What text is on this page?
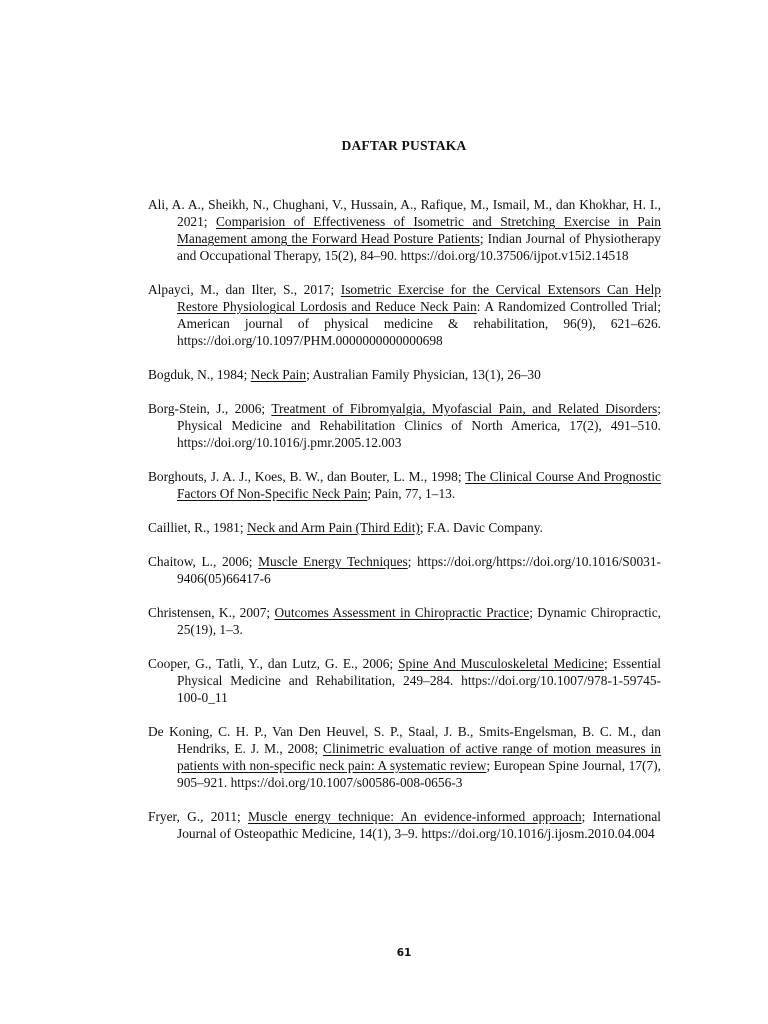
DAFTAR PUSTAKA

Ali, A. A., Sheikh, N., Chughani, V., Hussain, A., Rafique, M., Ismail, M., dan Khokhar, H. I., 2021; Comparision of Effectiveness of Isometric and Stretching Exercise in Pain Management among the Forward Head Posture Patients; Indian Journal of Physiotherapy and Occupational Therapy, 15(2), 84–90. https://doi.org/10.37506/ijpot.v15i2.14518

Alpayci, M., dan Ilter, S., 2017; Isometric Exercise for the Cervical Extensors Can Help Restore Physiological Lordosis and Reduce Neck Pain: A Randomized Controlled Trial; American journal of physical medicine & rehabilitation, 96(9), 621–626. https://doi.org/10.1097/PHM.0000000000000698

Bogduk, N., 1984; Neck Pain; Australian Family Physician, 13(1), 26–30

Borg-Stein, J., 2006; Treatment of Fibromyalgia, Myofascial Pain, and Related Disorders; Physical Medicine and Rehabilitation Clinics of North America, 17(2), 491–510. https://doi.org/10.1016/j.pmr.2005.12.003

Borghouts, J. A. J., Koes, B. W., dan Bouter, L. M., 1998; The Clinical Course And Prognostic Factors Of Non-Specific Neck Pain; Pain, 77, 1–13.

Cailliet, R., 1981; Neck and Arm Pain (Third Edit); F.A. Davic Company.

Chaitow, L., 2006; Muscle Energy Techniques; https://doi.org/https://doi.org/10.1016/S0031-9406(05)66417-6

Christensen, K., 2007; Outcomes Assessment in Chiropractic Practice; Dynamic Chiropractic, 25(19), 1–3.

Cooper, G., Tatli, Y., dan Lutz, G. E., 2006; Spine And Musculoskeletal Medicine; Essential Physical Medicine and Rehabilitation, 249–284. https://doi.org/10.1007/978-1-59745-100-0_11

De Koning, C. H. P., Van Den Heuvel, S. P., Staal, J. B., Smits-Engelsman, B. C. M., dan Hendriks, E. J. M., 2008; Clinimetric evaluation of active range of motion measures in patients with non-specific neck pain: A systematic review; European Spine Journal, 17(7), 905–921. https://doi.org/10.1007/s00586-008-0656-3

Fryer, G., 2011; Muscle energy technique: An evidence-informed approach; International Journal of Osteopathic Medicine, 14(1), 3–9. https://doi.org/10.1016/j.ijosm.2010.04.004

61
